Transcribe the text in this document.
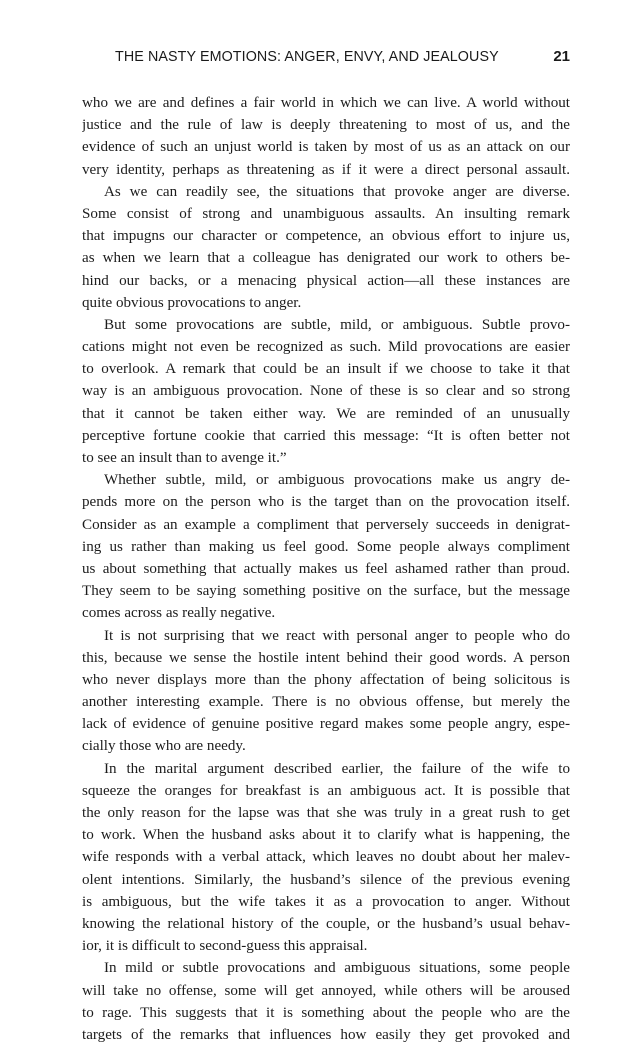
THE NASTY EMOTIONS: ANGER, ENVY, AND JEALOUSY	21
who we are and defines a fair world in which we can live. A world without
justice and the rule of law is deeply threatening to most of us, and the
evidence of such an unjust world is taken by most of us as an attack on our
very identity, perhaps as threatening as if it were a direct personal assault.
As we can readily see, the situations that provoke anger are diverse.
Some consist of strong and unambiguous assaults. An insulting remark
that impugns our character or competence, an obvious effort to injure us,
as when we learn that a colleague has denigrated our work to others be-
hind our backs, or a menacing physical action—all these instances are
quite obvious provocations to anger.
But some provocations are subtle, mild, or ambiguous. Subtle provo-
cations might not even be recognized as such. Mild provocations are easier
to overlook. A remark that could be an insult if we choose to take it that
way is an ambiguous provocation. None of these is so clear and so strong
that it cannot be taken either way. We are reminded of an unusually
perceptive fortune cookie that carried this message: “It is often better not
to see an insult than to avenge it.”
Whether subtle, mild, or ambiguous provocations make us angry de-
pends more on the person who is the target than on the provocation itself.
Consider as an example a compliment that perversely succeeds in denigrat-
ing us rather than making us feel good. Some people always compliment
us about something that actually makes us feel ashamed rather than proud.
They seem to be saying something positive on the surface, but the message
comes across as really negative.
It is not surprising that we react with personal anger to people who do
this, because we sense the hostile intent behind their good words. A person
who never displays more than the phony affectation of being solicitous is
another interesting example. There is no obvious offense, but merely the
lack of evidence of genuine positive regard makes some people angry, espe-
cially those who are needy.
In the marital argument described earlier, the failure of the wife to
squeeze the oranges for breakfast is an ambiguous act. It is possible that
the only reason for the lapse was that she was truly in a great rush to get
to work. When the husband asks about it to clarify what is happening, the
wife responds with a verbal attack, which leaves no doubt about her malev-
olent intentions. Similarly, the husband’s silence of the previous evening
is ambiguous, but the wife takes it as a provocation to anger. Without
knowing the relational history of the couple, or the husband’s usual behav-
ior, it is difficult to second-guess this appraisal.
In mild or subtle provocations and ambiguous situations, some people
will take no offense, some will get annoyed, while others will be aroused
to rage. This suggests that it is something about the people who are the
targets of the remarks that influences how easily they get provoked and
